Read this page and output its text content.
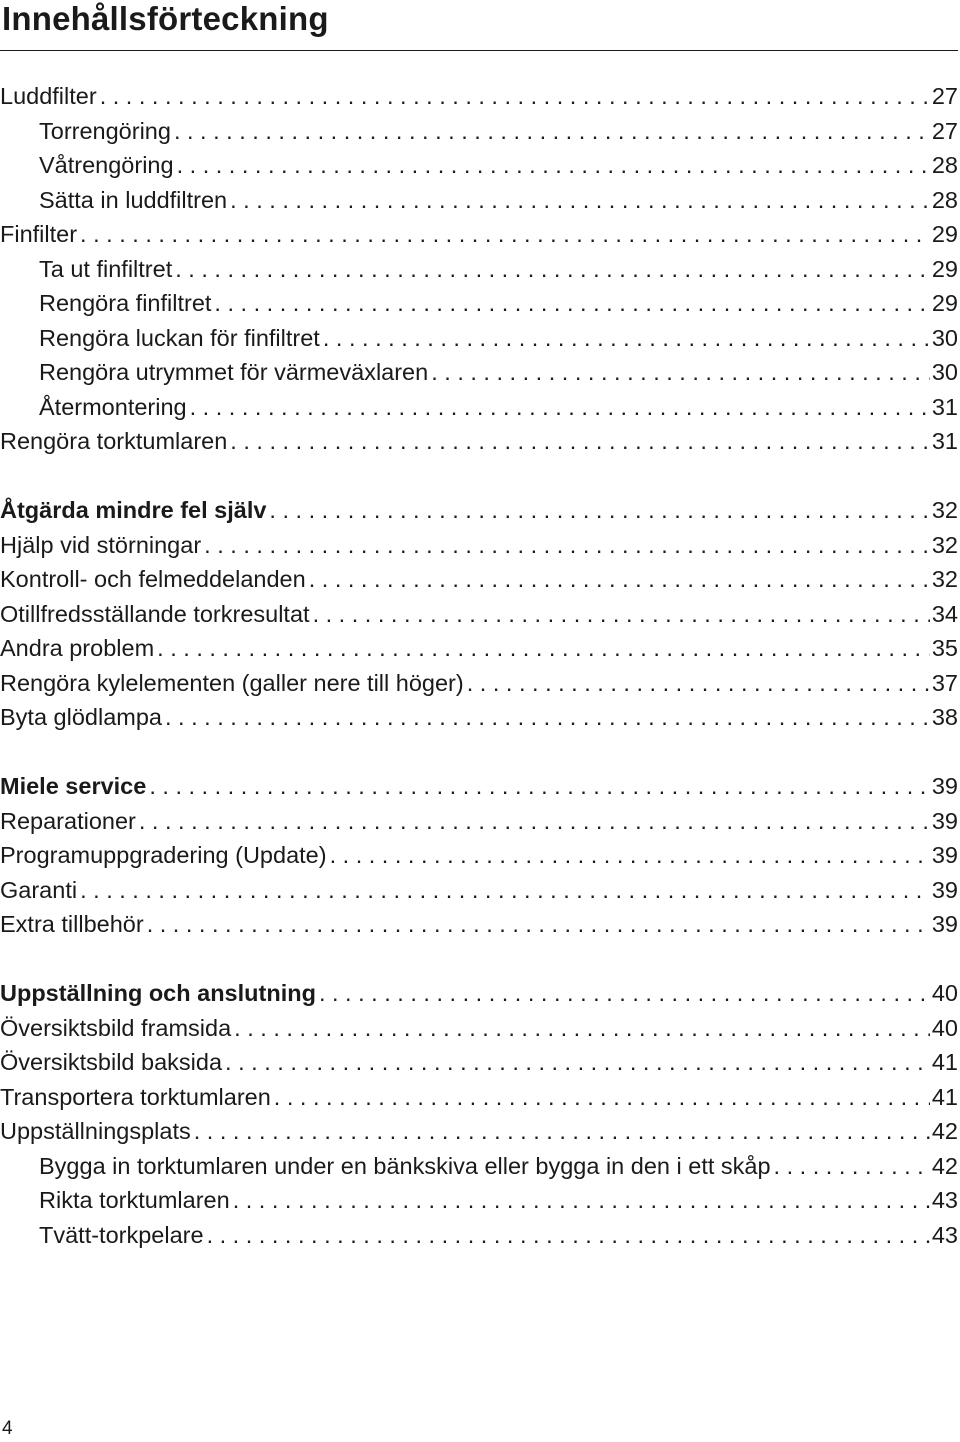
Innehållsförteckning
Luddfilter . . .	27
Torrengöring . . .	27
Våtrengöring . . .	28
Sätta in luddfiltren . . .	28
Finfilter . . .	29
Ta ut finfiltret . . .	29
Rengöra finfiltret . . .	29
Rengöra luckan för finfiltret . . .	30
Rengöra utrymmet för värmeväxlaren . . .	30
Återmontering . . .	31
Rengöra torktumlaren . . .	31
Åtgärda mindre fel själv . . .	32
Hjälp vid störningar . . .	32
Kontroll- och felmeddelanden . . .	32
Otillfredsställande torkresultat . . .	34
Andra problem . . .	35
Rengöra kylelementen (galler nere till höger) . . .	37
Byta glödlampa . . .	38
Miele service . . .	39
Reparationer . . .	39
Programuppgradering (Update) . . .	39
Garanti . . .	39
Extra tillbehör . . .	39
Uppställning och anslutning . . .	40
Översiktsbild framsida . . .	40
Översiktsbild baksida . . .	41
Transportera torktumlaren . . .	41
Uppställningsplats . . .	42
Bygga in torktumlaren under en bänkskiva eller bygga in den i ett skåp . . .	42
Rikta torktumlaren . . .	43
Tvätt-torkpelare . . .	43
4
